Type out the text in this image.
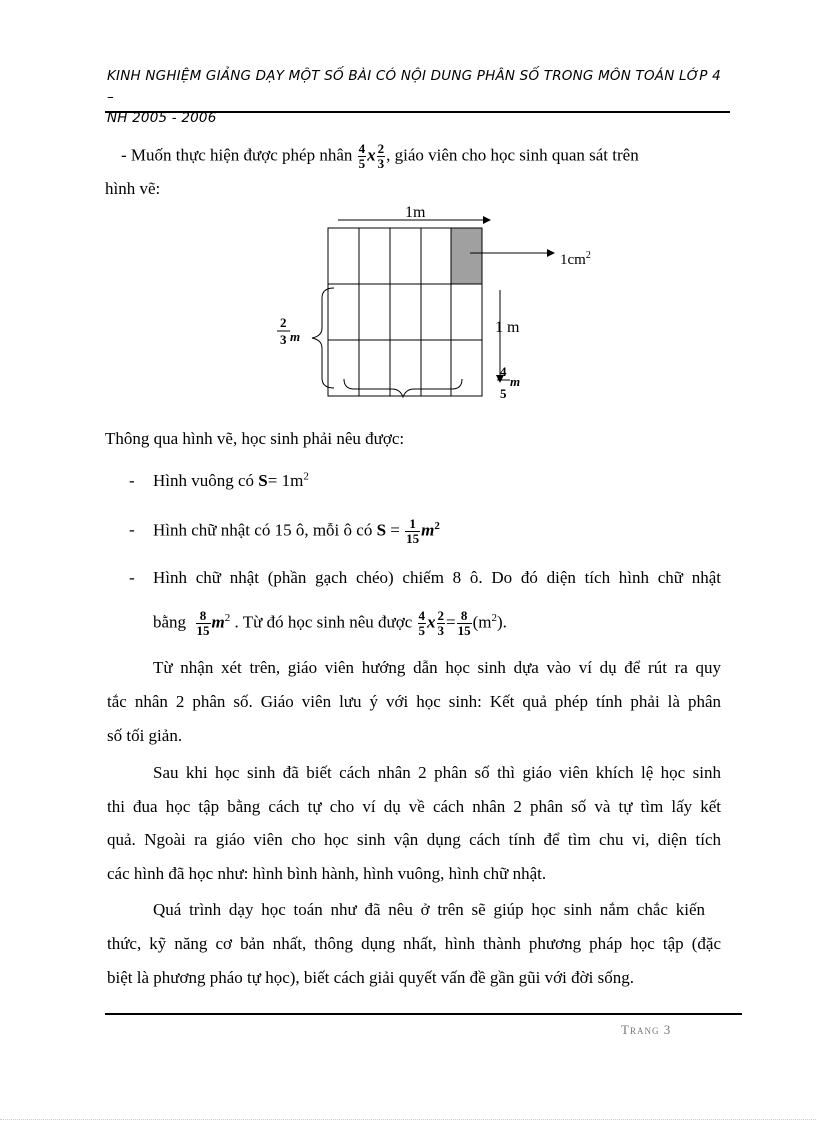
KINH NGHIỆM GIẢNG DẠY MỘT SỐ BÀI CÓ NỘI DUNG PHÂN SỐ TRONG MÔN TOÁN LỚP 4 –
NH 2005 - 2006
- Muốn thực hiện được phép nhân $\frac{4}{5}$ x $\frac{2}{3}$ , giáo viên cho học sinh quan sát trên
hình vẽ:
1m
$1cm^2$
1 m
2
3 m
4
5
m
Thông qua hình vẽ, học sinh phải nêu được:
- Hình vuông có $S= 1m^2$
- Hình chữ nhật có 15 ô, mỗi ô có $S = \frac{1}{15} m^2$
- Hình chữ nhật (phần gạch chéo) chiếm 8 ô. Do đó diện tích hình chữ nhật
bằng $\frac{8}{15} m^2$ . Từ đó học sinh nêu được $\frac{4}{5}$ x $\frac{2}{3} = \frac{8}{15} (m^2)$.
Từ nhận xét trên, giáo viên hướng dẫn học sinh dựa vào ví dụ để rút ra quy
tắc nhân 2 phân số. Giáo viên lưu ý với học sinh: Kết quả phép tính phải là phân
số tối giản.
Sau khi học sinh đã biết cách nhân 2 phân số thì giáo viên khích lệ học sinh
thi đua học tập bằng cách tự cho ví dụ về cách nhân 2 phân số và tự tìm lấy kết
quả. Ngoài ra giáo viên cho học sinh vận dụng cách tính để tìm chu vi, diện tích
các hình đã học như: hình bình hành, hình vuông, hình chữ nhật.
Quá trình dạy học toán như đã nêu ở trên sẽ giúp học sinh nắm chắc kiến
thức, kỹ năng cơ bản nhất, thông dụng nhất, hình thành phương pháp học tập (đặc
biệt là phương pháo tự học), biết cách giải quyết vấn đề gần gũi với đời sống.
Trang 3
